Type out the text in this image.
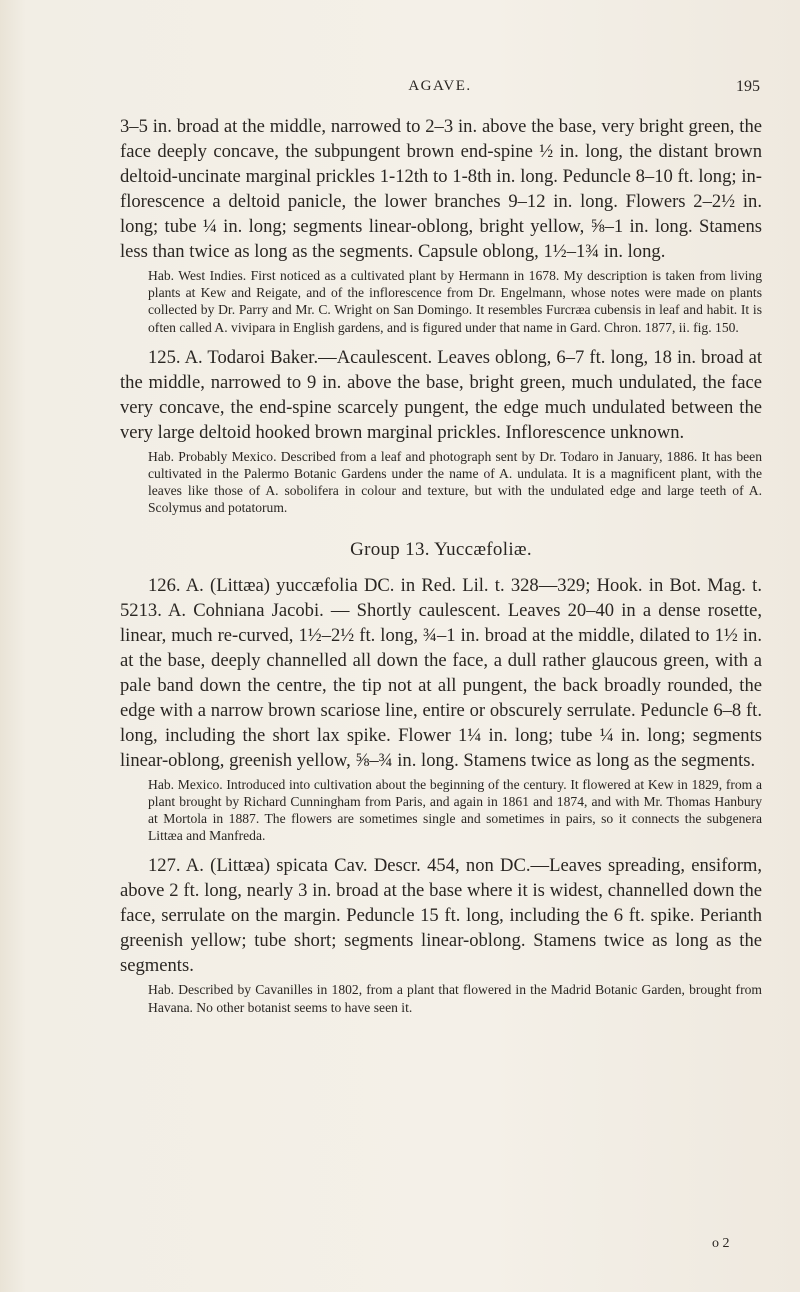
AGAVE.	195

3–5 in. broad at the middle, narrowed to 2–3 in. above the base, very bright green, the face deeply concave, the subpungent brown end-spine ½ in. long, the distant brown deltoid-uncinate marginal prickles 1-12th to 1-8th in. long. Peduncle 8–10 ft. long; in-florescence a deltoid panicle, the lower branches 9–12 in. long. Flowers 2–2½ in. long; tube ¼ in. long; segments linear-oblong, bright yellow, ⅝–1 in. long. Stamens less than twice as long as the segments. Capsule oblong, 1½–1¾ in. long.

Hab. West Indies. First noticed as a cultivated plant by Hermann in 1678. My description is taken from living plants at Kew and Reigate, and of the inflorescence from Dr. Engelmann, whose notes were made on plants collected by Dr. Parry and Mr. C. Wright on San Domingo. It resembles Furcræa cubensis in leaf and habit. It is often called A. vivipara in English gardens, and is figured under that name in Gard. Chron. 1877, ii. fig. 150.

125. A. Todaroi Baker.—Acaulescent. Leaves oblong, 6–7 ft. long, 18 in. broad at the middle, narrowed to 9 in. above the base, bright green, much undulated, the face very concave, the end-spine scarcely pungent, the edge much undulated between the very large deltoid hooked brown marginal prickles. Inflorescence unknown.

Hab. Probably Mexico. Described from a leaf and photograph sent by Dr. Todaro in January, 1886. It has been cultivated in the Palermo Botanic Gardens under the name of A. undulata. It is a magnificent plant, with the leaves like those of A. sobolifera in colour and texture, but with the undulated edge and large teeth of A. Scolymus and potatorum.

Group 13. Yuccæfoliæ.

126. A. (Littæa) yuccæfolia DC. in Red. Lil. t. 328—329; Hook. in Bot. Mag. t. 5213. A. Cohniana Jacobi. — Shortly caulescent. Leaves 20–40 in a dense rosette, linear, much re-curved, 1½–2½ ft. long, ¾–1 in. broad at the middle, dilated to 1½ in. at the base, deeply channelled all down the face, a dull rather glaucous green, with a pale band down the centre, the tip not at all pungent, the back broadly rounded, the edge with a narrow brown scariose line, entire or obscurely serrulate. Peduncle 6–8 ft. long, including the short lax spike. Flower 1¼ in. long; tube ¼ in. long; segments linear-oblong, greenish yellow, ⅝–¾ in. long. Stamens twice as long as the segments.

Hab. Mexico. Introduced into cultivation about the beginning of the century. It flowered at Kew in 1829, from a plant brought by Richard Cunningham from Paris, and again in 1861 and 1874, and with Mr. Thomas Hanbury at Mortola in 1887. The flowers are sometimes single and sometimes in pairs, so it connects the subgenera Littæa and Manfreda.

127. A. (Littæa) spicata Cav. Descr. 454, non DC.—Leaves spreading, ensiform, above 2 ft. long, nearly 3 in. broad at the base where it is widest, channelled down the face, serrulate on the margin. Peduncle 15 ft. long, including the 6 ft. spike. Perianth greenish yellow; tube short; segments linear-oblong. Stamens twice as long as the segments.

Hab. Described by Cavanilles in 1802, from a plant that flowered in the Madrid Botanic Garden, brought from Havana. No other botanist seems to have seen it.

o 2
